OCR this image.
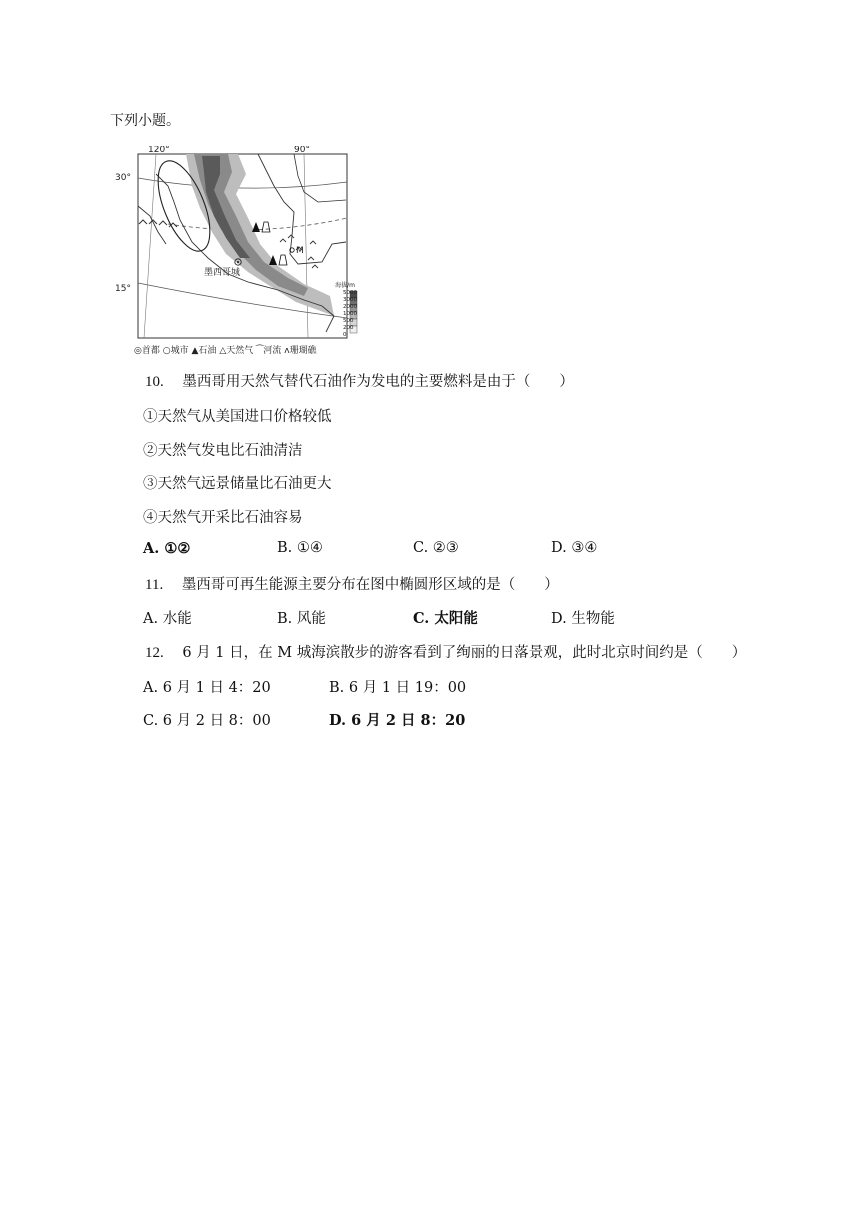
下列小题。
M
墨西哥城
120°	90°
30°
15°	海拔/m
5000
3000
2000
1000
500
200
0
◎首都 ○城市 ▲石油 △天然气 ⁀河流 ᴧ珊瑚礁
10. 墨西哥用天然气替代石油作为发电的主要燃料是由于（　　）
①天然气从美国进口价格较低
②天然气发电比石油清洁
③天然气远景储量比石油更大
④天然气开采比石油容易
A. ①②	B. ①④	C. ②③	D. ③④
11. 墨西哥可再生能源主要分布在图中椭圆形区域的是（　　）
A. 水能	B. 风能	C. 太阳能	D. 生物能
12. 6 月 1 日，在 M 城海滨散步的游客看到了绚丽的日落景观，此时北京时间约是（　　）
A. 6 月 1 日 4：20	B. 6 月 1 日 19：00
C. 6 月 2 日 8：00	D. 6 月 2 日 8：20
